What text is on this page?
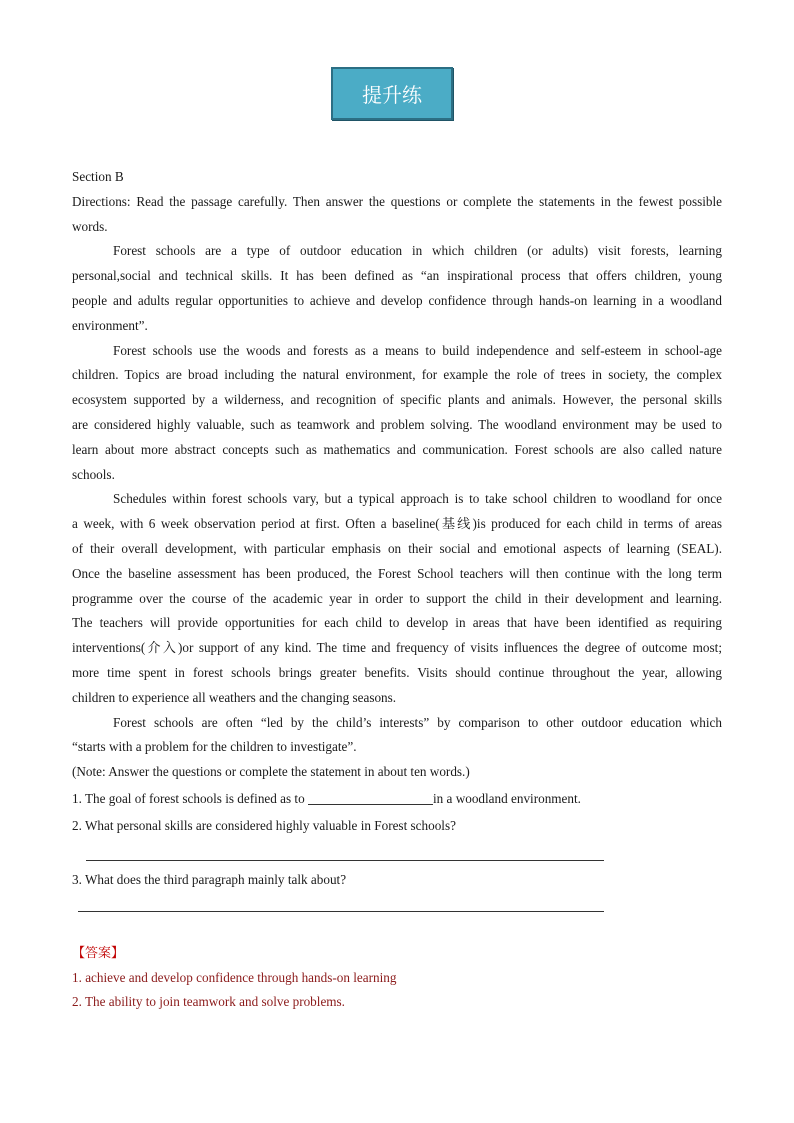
提升练
Section B
Directions: Read the passage carefully. Then answer the questions or complete the statements in the fewest possible
words.
Forest schools are a type of outdoor education in which children (or adults) visit forests, learning
personal,social and technical skills. It has been defined as “an inspirational process that offers children, young
people and adults regular opportunities to achieve and develop confidence through hands-on learning in a woodland
environment”.
Forest schools use the woods and forests as a means to build independence and self-esteem in school-age
children. Topics are broad including the natural environment, for example the role of trees in society, the complex
ecosystem supported by a wilderness, and recognition of specific plants and animals. However, the personal skills
are considered highly valuable, such as teamwork and problem solving. The woodland environment may be used to
learn about more abstract concepts such as mathematics and communication. Forest schools are also called nature
schools.
Schedules within forest schools vary, but a typical approach is to take school children to woodland for once
a week, with 6 week observation period at first. Often a baseline(基线)is produced for each child in terms of areas
of their overall development, with particular emphasis on their social and emotional aspects of learning (SEAL).
Once the baseline assessment has been produced, the Forest School teachers will then continue with the long term
programme over the course of the academic year in order to support the child in their development and learning.
The teachers will provide opportunities for each child to develop in areas that have been identified as requiring
interventions(介入)or support of any kind. The time and frequency of visits influences the degree of outcome most;
more time spent in forest schools brings greater benefits. Visits should continue throughout the year, allowing
children to experience all weathers and the changing seasons.
Forest schools are often “led by the child’s interests” by comparison to other outdoor education which
“starts with a problem for the children to investigate”.
(Note: Answer the questions or complete the statement in about ten words.)
1. The goal of forest schools is defined as to	in a woodland environment.
2. What personal skills are considered highly valuable in Forest schools?
3. What does the third paragraph mainly talk about?
【答案】
1. achieve and develop confidence through hands-on learning
2. The ability to join teamwork and solve problems.
